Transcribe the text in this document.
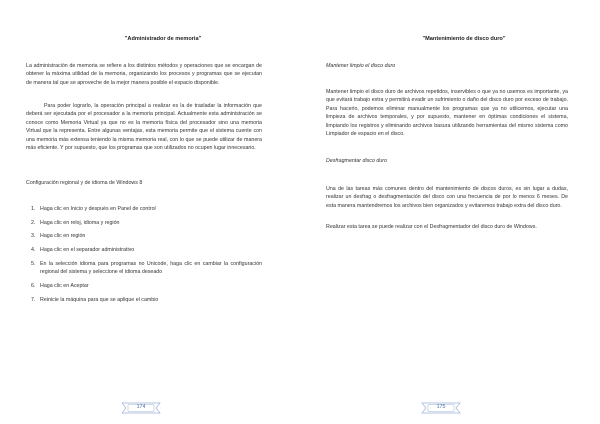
"Administrador de memoria"

La administración de memoria se refiere a los distintos métodos y operaciones que se encargan de obtener la máxima utilidad de la memoria, organizando los procesos y programas que se ejecutan de manera tal que se aproveche de la mejor manera posible el espacio disponible.

Para poder lograrlo, la operación principal a realizar es la de trasladar la información que deberá ser ejecutada por el procesador a la memoria principal. Actualmente esta administración se conoce como Memoria Virtual ya que no es la memoria física del procesador sino una memoria Virtual que la representa. Entre algunas ventajas, esta memoria permite que el sistema cuente con una memoria más extensa teniendo la misma memoria real, con lo que se puede utilizar de manera más eficiente. Y por supuesto, que los programas que son utilizados no ocupen lugar innecesario.

Configuración regional y de idioma de Windows 8

1. Haga clic en Inicio y después en Panel de control
2. Haga clic en reloj, idioma y región
3. Haga clic en región
4. Haga clic en el separador administrativo
5. En la selección idioma para programas no Unicode, haga clic en cambiar la configuración regional del sistema y seleccione el idioma deseado
6. Haga clic en Aceptar
7. Reinicie la máquina para que se aplique el cambio
174
"Mantenimiento de disco duro"
Mantener limpio el disco duro

Mantener limpio el disco duro de archivos repetidos, inservibles o que ya no usemos es importante, ya que evitará trabajo extra y permitirá evadir un sufrimiento o daño del disco duro por exceso de trabajo. Para hacerlo, podemos eliminar manualmente los programas que ya no utilicemos, ejecutar una limpieza de archivos temporales, y por supuesto, mantener en óptimas condiciones el sistema, limpiando los registros y eliminando archivos basura utilizando herramientas del mismo sistema como Limpiador de espacio en el disco.

Desfragmentar disco duro

Una de las tareas más comunes dentro del mantenimiento de discos duros, es sin lugar a dudas, realizar un desfrag o desfragmentación del disco con una frecuencia de por lo menos 6 meses. De esta manera mantendremos los archivos bien organizados y evitaremos trabajo extra del disco duro.

Realizar esta tarea se puede realizar con el Desfragmentador del disco duro de Windows.

175
